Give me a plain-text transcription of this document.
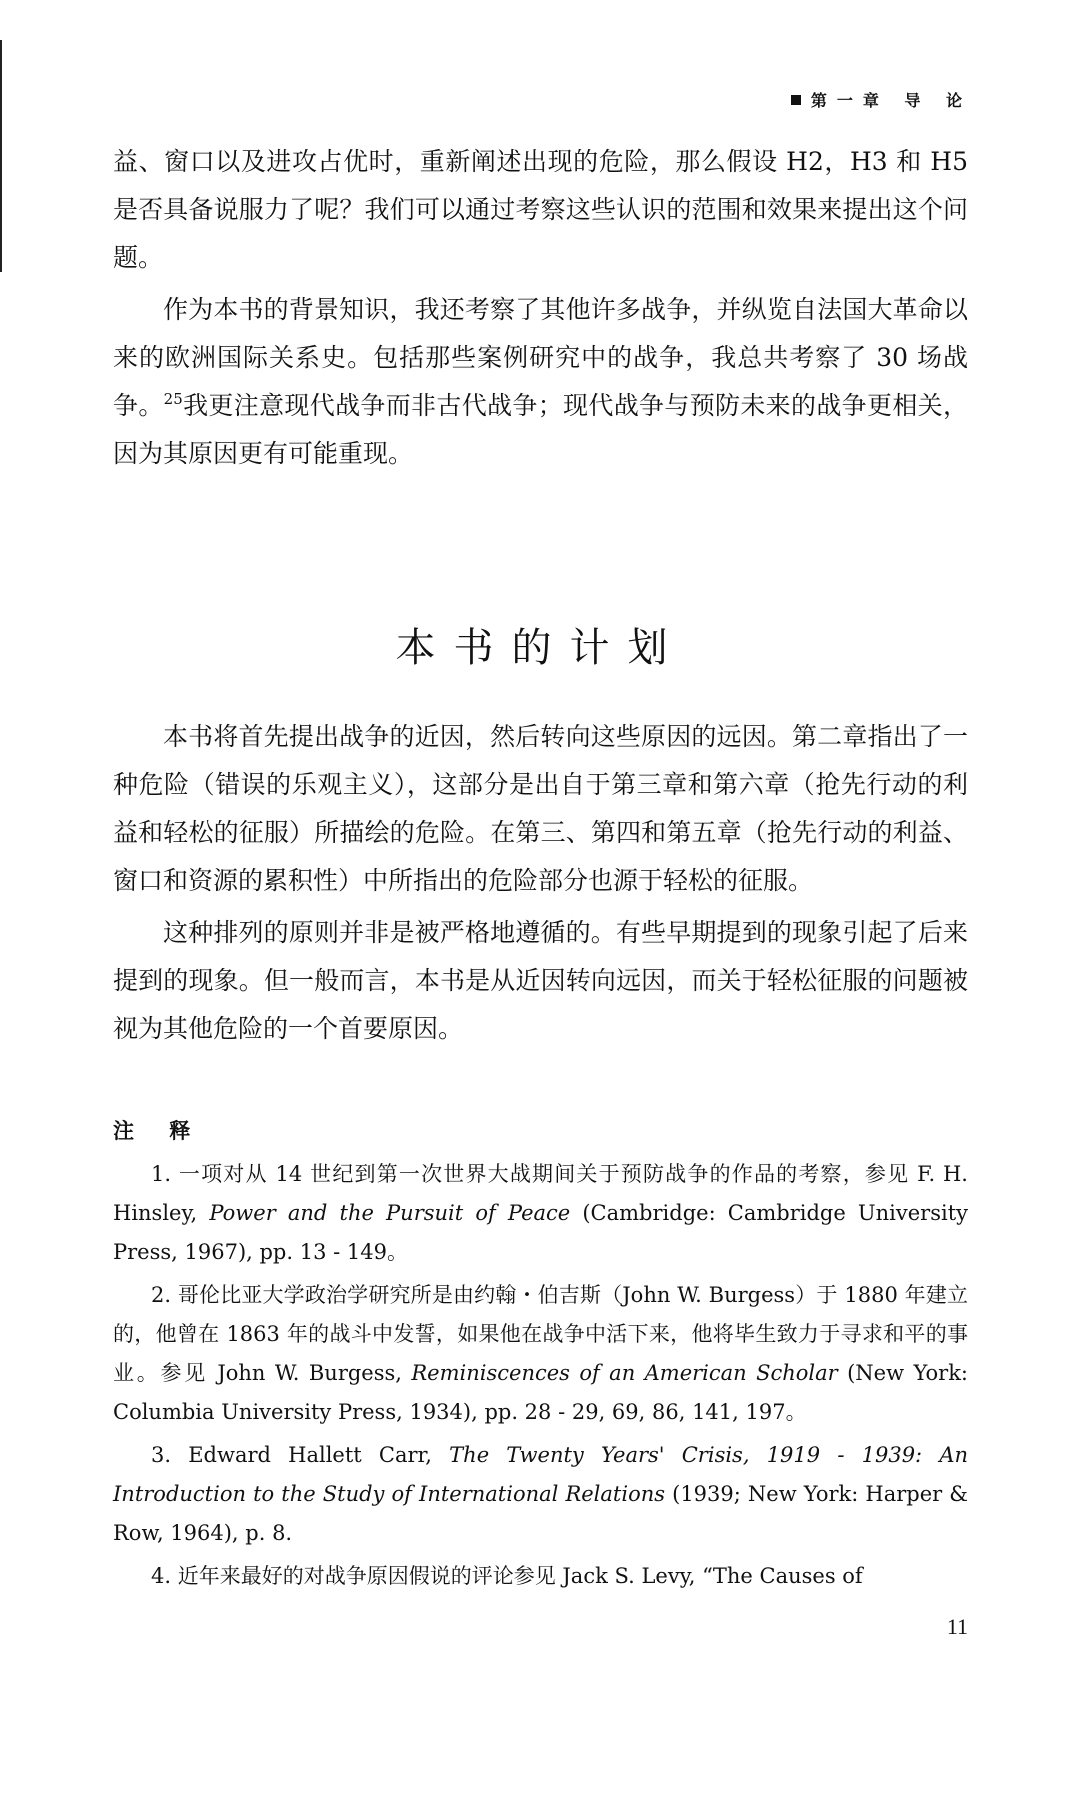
第一章 导 论

益、窗口以及进攻占优时，重新阐述出现的危险，那么假设 H2，H3 和 H5 是否具备说服力了呢？我们可以通过考察这些认识的范围和效果来提出这个问题。

作为本书的背景知识，我还考察了其他许多战争，并纵览自法国大革命以来的欧洲国际关系史。包括那些案例研究中的战争，我总共考察了 30 场战争。$^{25}$我更注意现代战争而非古代战争；现代战争与预防未来的战争更相关，因为其原因更有可能重现。

本书的计划

本书将首先提出战争的近因，然后转向这些原因的远因。第二章指出了一种危险（错误的乐观主义），这部分是出自于第三章和第六章（抢先行动的利益和轻松的征服）所描绘的危险。在第三、第四和第五章（抢先行动的利益、窗口和资源的累积性）中所指出的危险部分也源于轻松的征服。

这种排列的原则并非是被严格地遵循的。有些早期提到的现象引起了后来提到的现象。但一般而言，本书是从近因转向远因，而关于轻松征服的问题被视为其他危险的一个首要原因。

注 释

1. 一项对从 14 世纪到第一次世界大战期间关于预防战争的作品的考察，参见 F. H. Hinsley, Power and the Pursuit of Peace (Cambridge: Cambridge University Press, 1967), pp. 13 - 149。

2. 哥伦比亚大学政治学研究所是由约翰・伯吉斯（John W. Burgess）于 1880 年建立的，他曾在 1863 年的战斗中发誓，如果他在战争中活下来，他将毕生致力于寻求和平的事业。参见 John W. Burgess, Reminiscences of an American Scholar (New York: Columbia University Press, 1934), pp. 28 - 29, 69, 86, 141, 197。

3. Edward Hallett Carr, The Twenty Years' Crisis, 1919 - 1939: An Introduction to the Study of International Relations (1939; New York: Harper & Row, 1964), p. 8.

4. 近年来最好的对战争原因假说的评论参见 Jack S. Levy, “The Causes of

11
